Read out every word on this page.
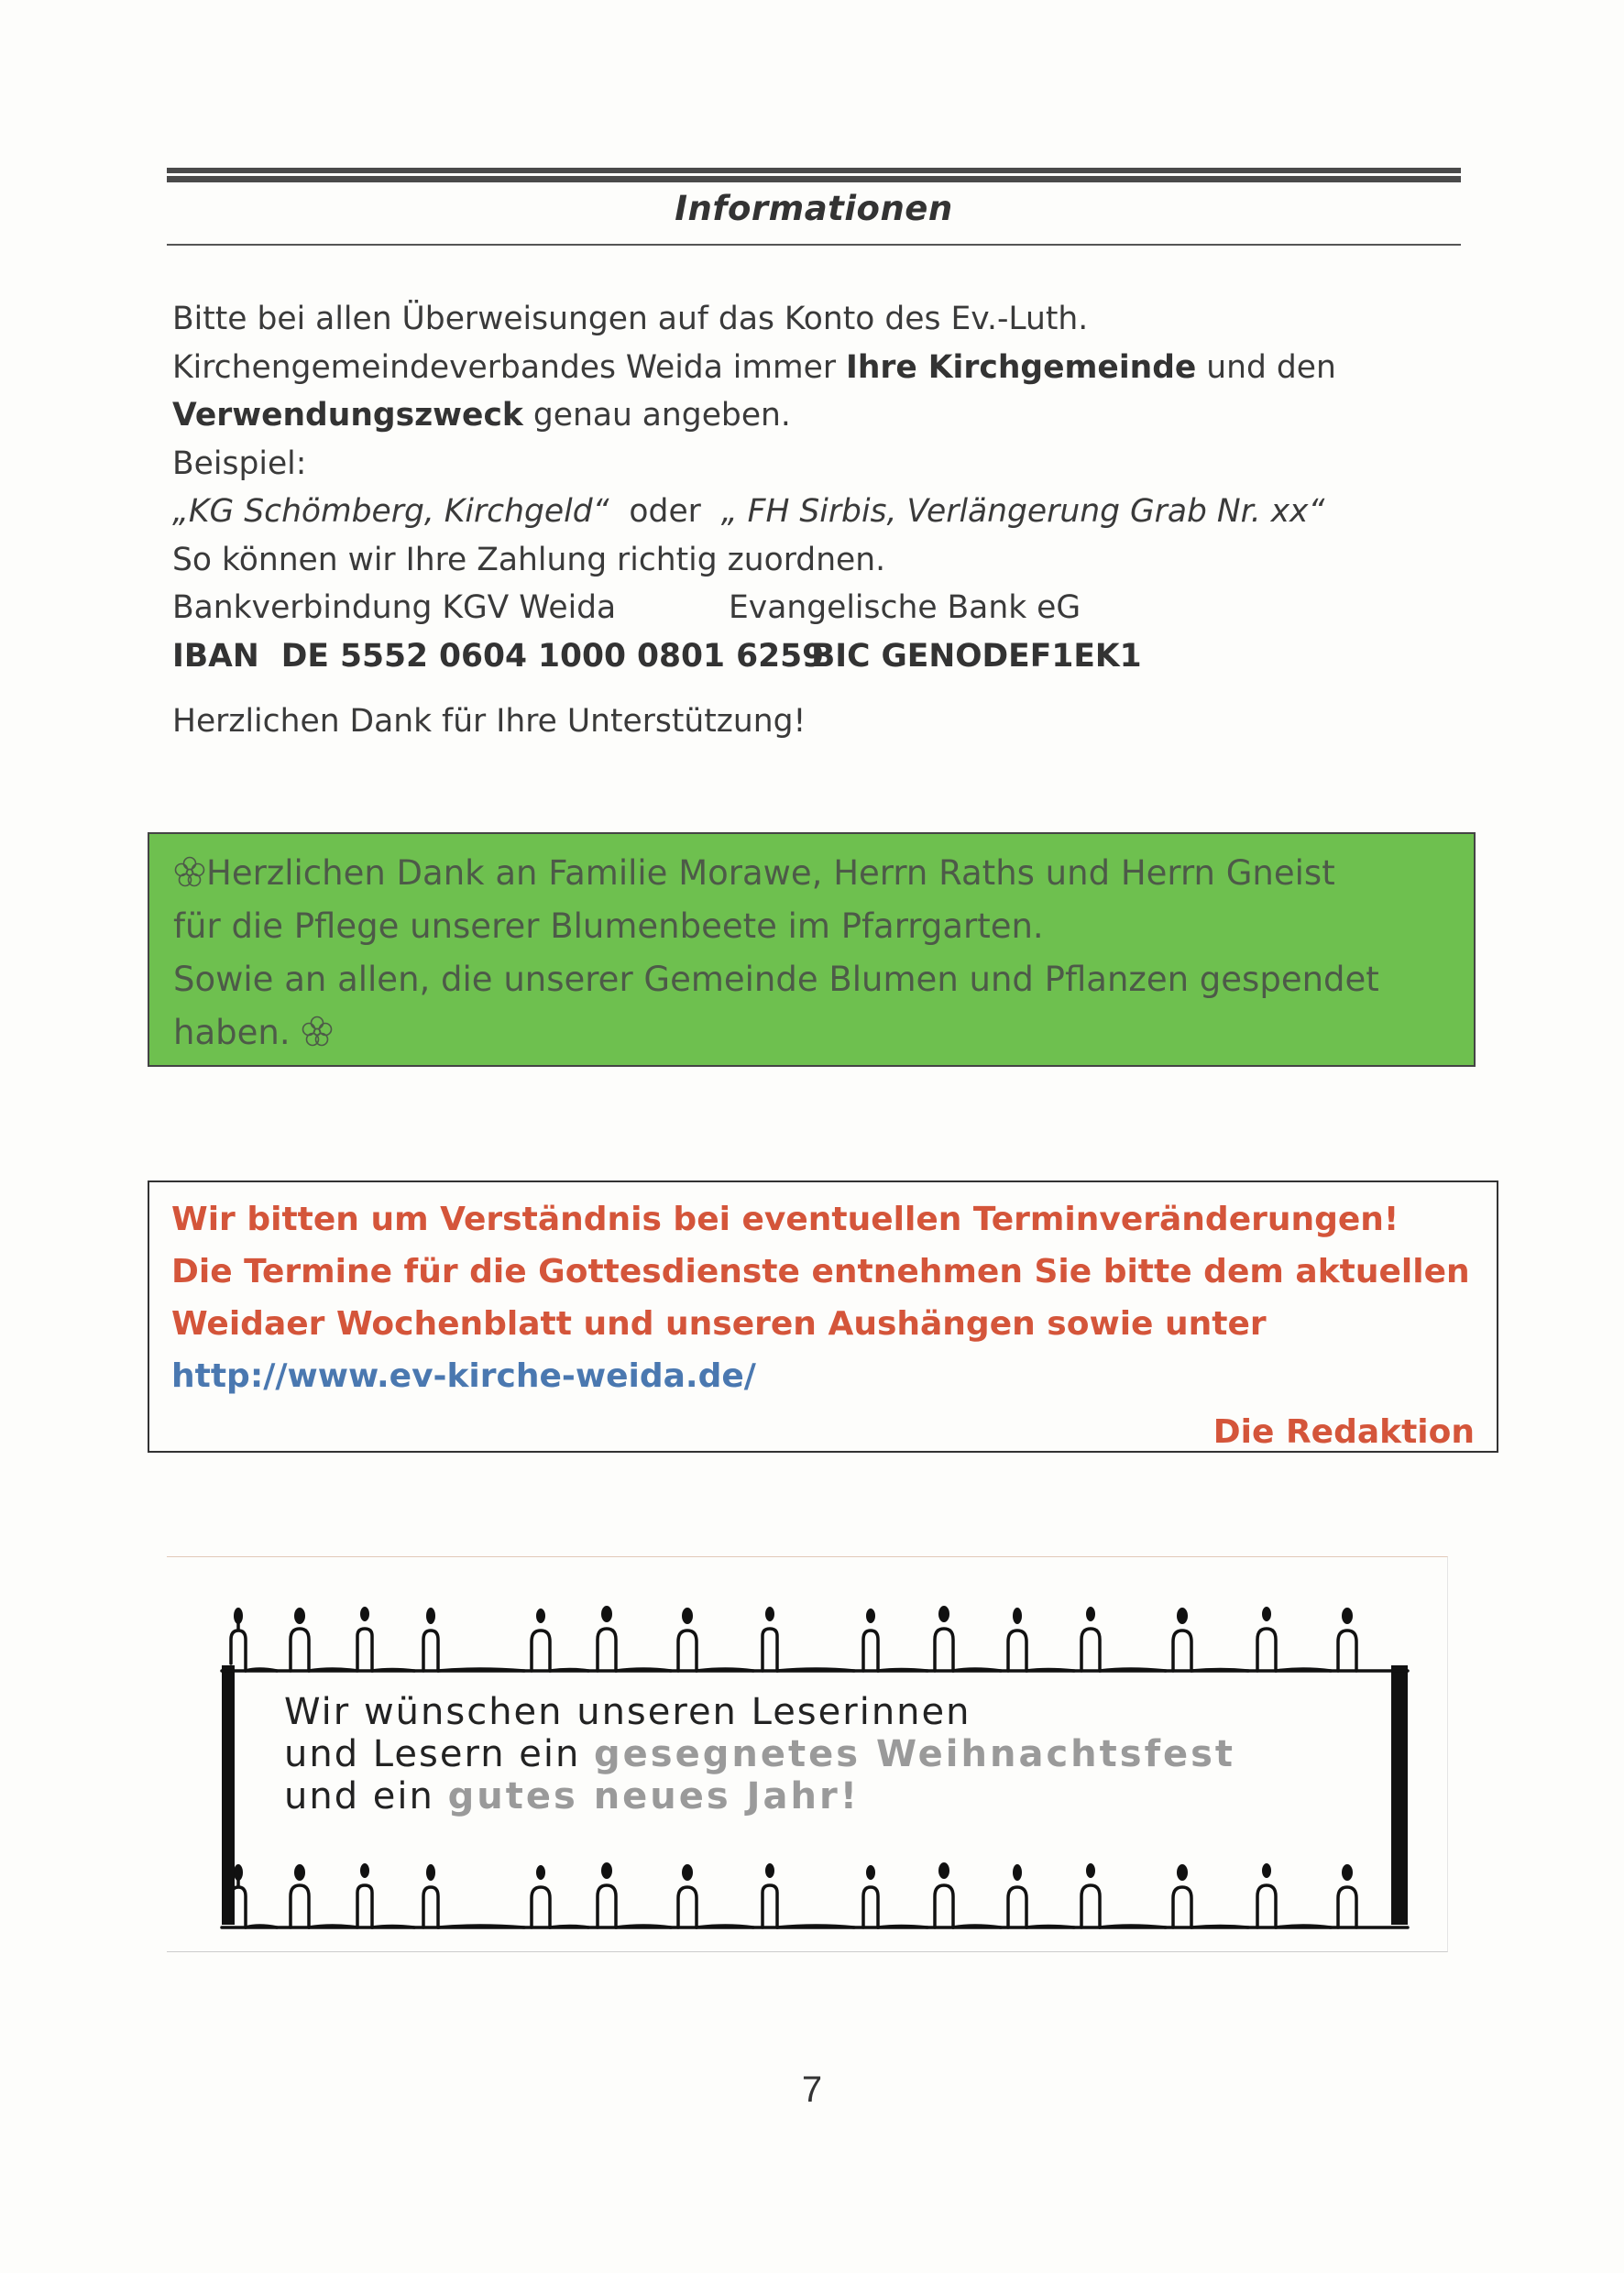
Informationen
Bitte bei allen Überweisungen auf das Konto des Ev.-Luth.
Kirchengemeindeverbandes Weida immer Ihre Kirchgemeinde und den
Verwendungszweck genau angeben.
Beispiel:
„KG Schömberg, Kirchgeld“  oder  „ FH Sirbis, Verlängerung Grab Nr. xx“
So können wir Ihre Zahlung richtig zuordnen.
Bankverbindung KGV Weida	Evangelische Bank eG
IBAN  DE 5552 0604 1000 0801 6259
BIC GENODEF1EK1
Herzlichen Dank für Ihre Unterstützung!
Herzlichen Dank an Familie Morawe, Herrn Raths und Herrn Gneist
für die Pflege unserer Blumenbeete im Pfarrgarten.
Sowie an allen, die unserer Gemeinde Blumen und Pflanzen gespendet
haben.
Wir bitten um Verständnis bei eventuellen Terminveränderungen!
Die Termine für die Gottesdienste entnehmen Sie bitte dem aktuellen
Weidaer Wochenblatt und unseren Aushängen sowie unter
http://www.ev-kirche-weida.de/
Die Redaktion
Wir wünschen unseren Leserinnen
und Lesern ein gesegnetes Weihnachtsfest
und ein gutes neues Jahr!
7
